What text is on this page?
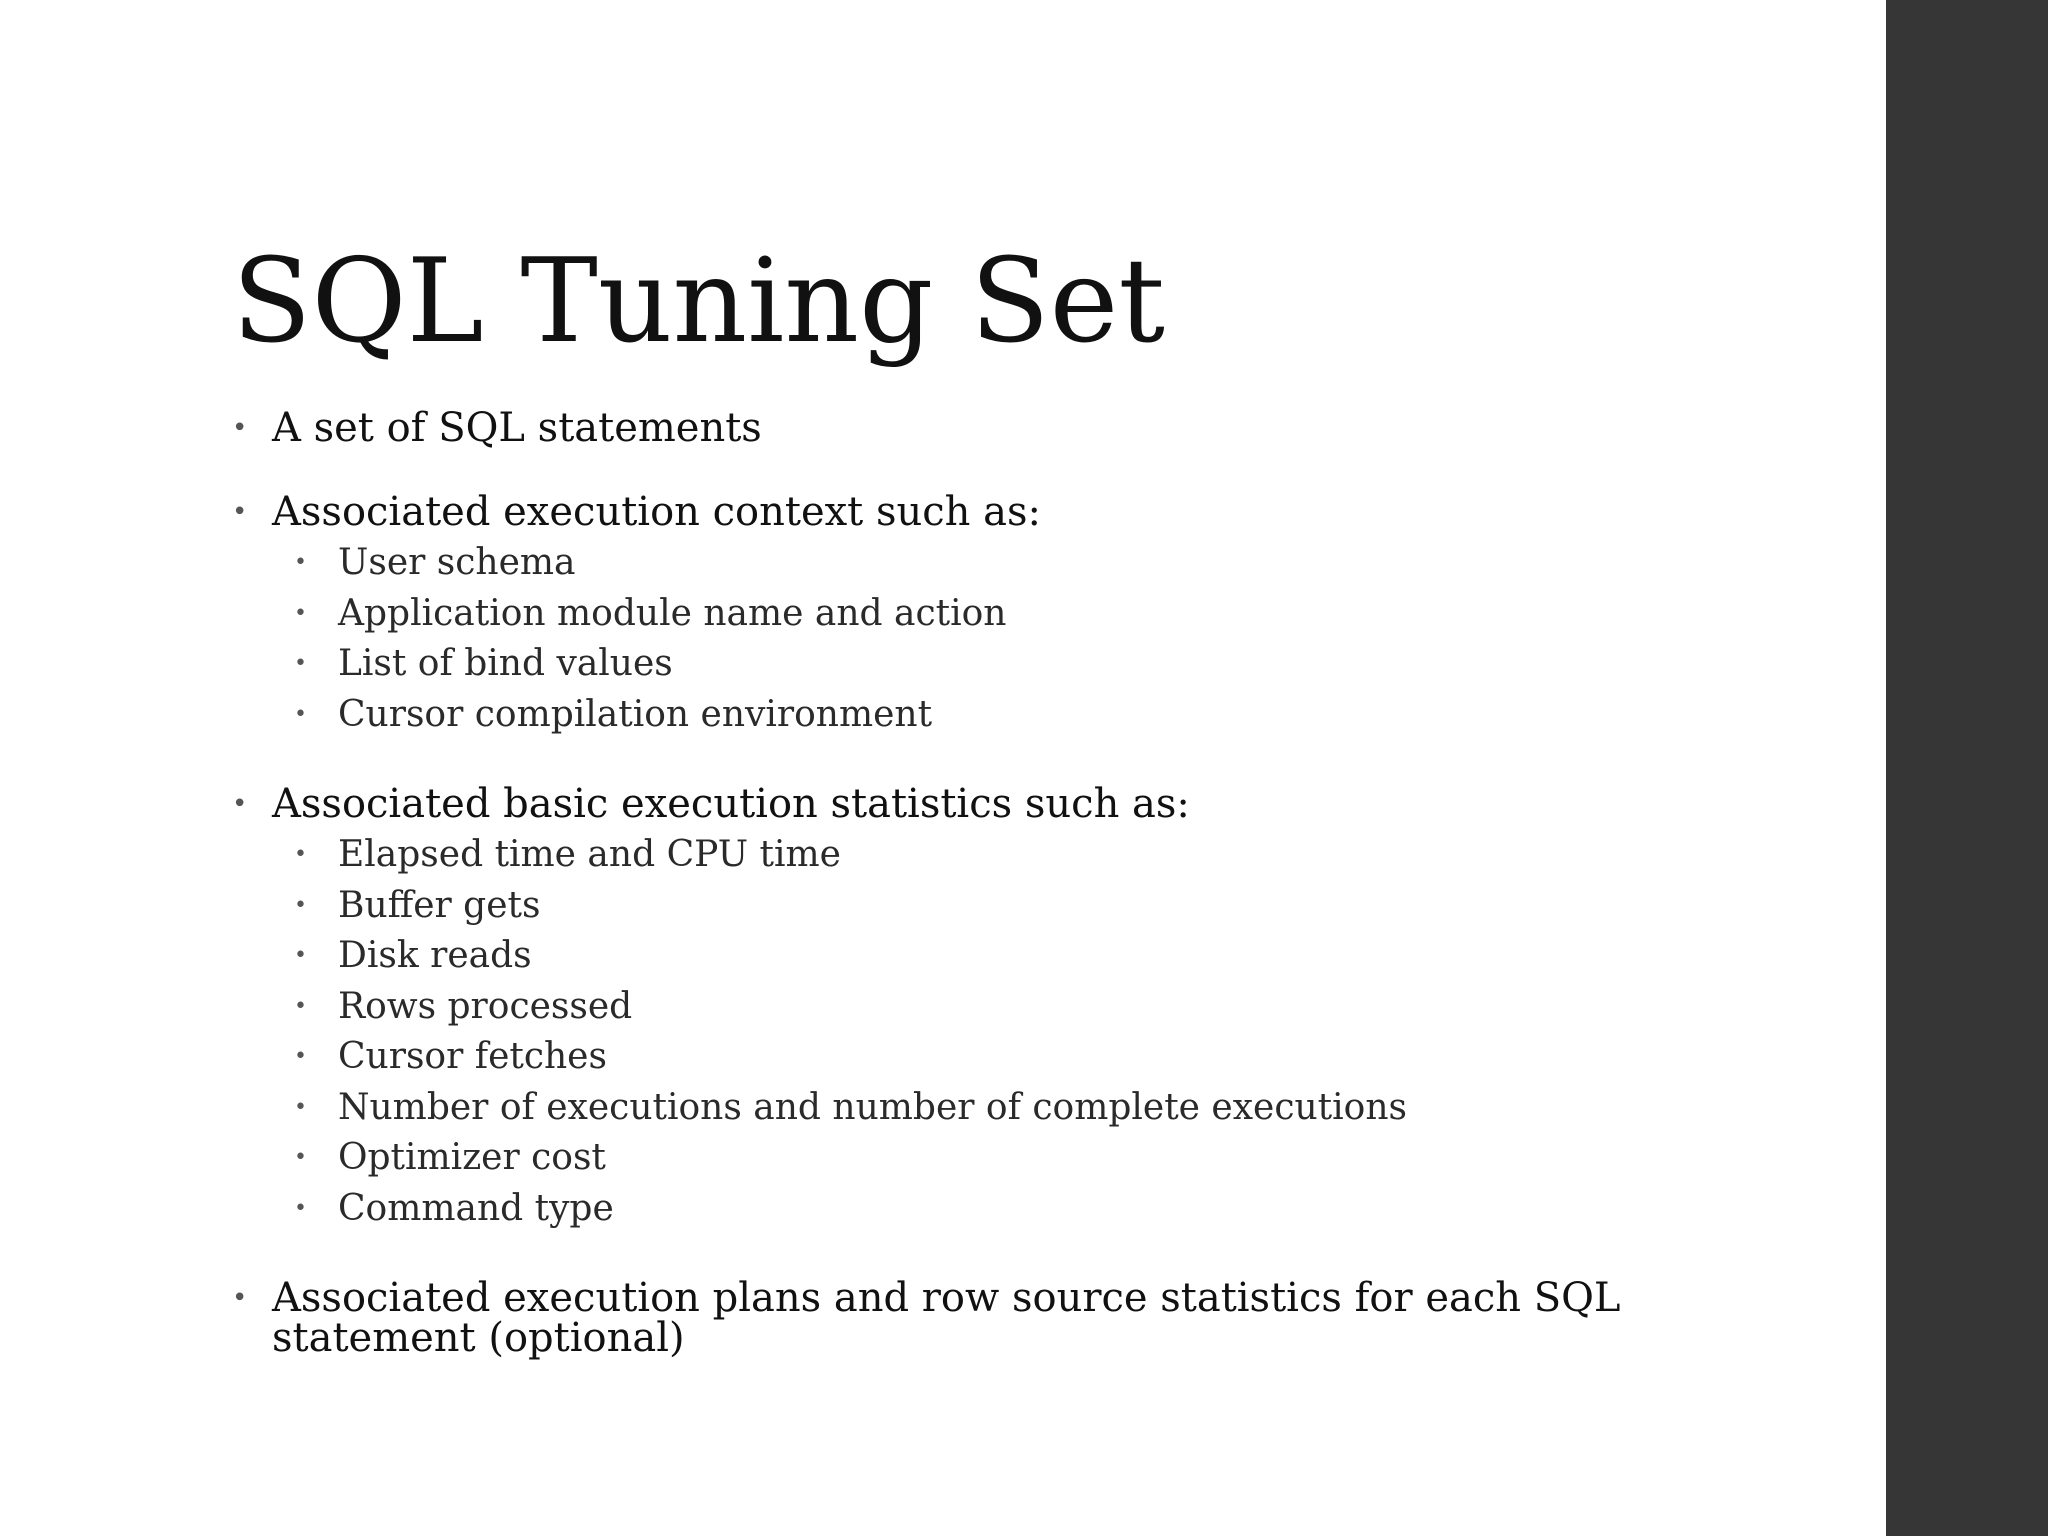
SQL Tuning Set
• A set of SQL statements
• Associated execution context such as:
• User schema
• Application module name and action
• List of bind values
• Cursor compilation environment
• Associated basic execution statistics such as:
• Elapsed time and CPU time
• Buffer gets
• Disk reads
• Rows processed
• Cursor fetches
• Number of executions and number of complete executions
• Optimizer cost
• Command type
• Associated execution plans and row source statistics for each SQL statement (optional)
